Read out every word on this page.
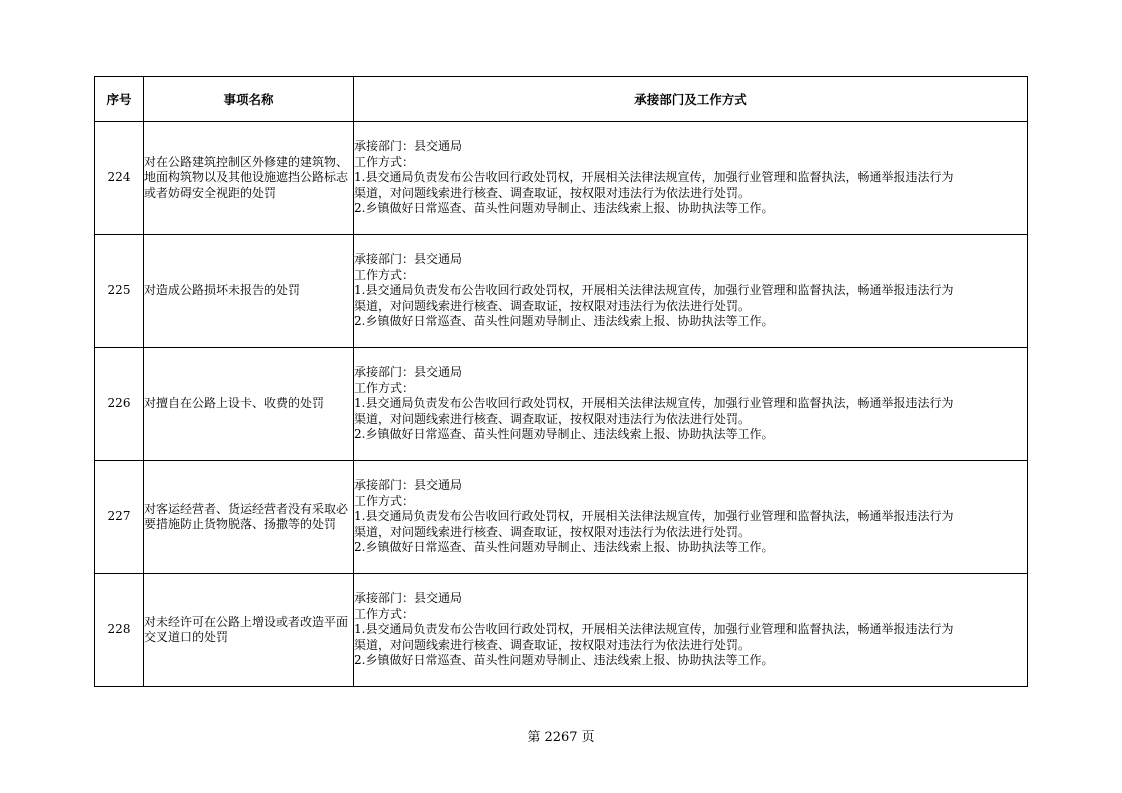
序号	事项名称	承接部门及工作方式
224	对在公路建筑控制区外修建的建筑物、地面构筑物以及其他设施遮挡公路标志或者妨碍安全视距的处罚	承接部门：县交通局
工作方式：
1.县交通局负责发布公告收回行政处罚权，开展相关法律法规宣传，加强行业管理和监督执法，畅通举报违法行为
渠道，对问题线索进行核查、调查取证，按权限对违法行为依法进行处罚。
2.乡镇做好日常巡查、苗头性问题劝导制止、违法线索上报、协助执法等工作。

225	对造成公路损坏未报告的处罚	承接部门：县交通局
工作方式：
1.县交通局负责发布公告收回行政处罚权，开展相关法律法规宣传，加强行业管理和监督执法，畅通举报违法行为
渠道，对问题线索进行核查、调查取证，按权限对违法行为依法进行处罚。
2.乡镇做好日常巡查、苗头性问题劝导制止、违法线索上报、协助执法等工作。

226	对擅自在公路上设卡、收费的处罚	承接部门：县交通局
工作方式：
1.县交通局负责发布公告收回行政处罚权，开展相关法律法规宣传，加强行业管理和监督执法，畅通举报违法行为
渠道，对问题线索进行核查、调查取证，按权限对违法行为依法进行处罚。
2.乡镇做好日常巡查、苗头性问题劝导制止、违法线索上报、协助执法等工作。

227	对客运经营者、货运经营者没有采取必要措施防止货物脱落、扬撒等的处罚	承接部门：县交通局
工作方式：
1.县交通局负责发布公告收回行政处罚权，开展相关法律法规宣传，加强行业管理和监督执法，畅通举报违法行为
渠道，对问题线索进行核查、调查取证，按权限对违法行为依法进行处罚。
2.乡镇做好日常巡查、苗头性问题劝导制止、违法线索上报、协助执法等工作。

228	对未经许可在公路上增设或者改造平面交叉道口的处罚	承接部门：县交通局
工作方式：
1.县交通局负责发布公告收回行政处罚权，开展相关法律法规宣传，加强行业管理和监督执法，畅通举报违法行为
渠道，对问题线索进行核查、调查取证，按权限对违法行为依法进行处罚。
2.乡镇做好日常巡查、苗头性问题劝导制止、违法线索上报、协助执法等工作。
第 2267 页
